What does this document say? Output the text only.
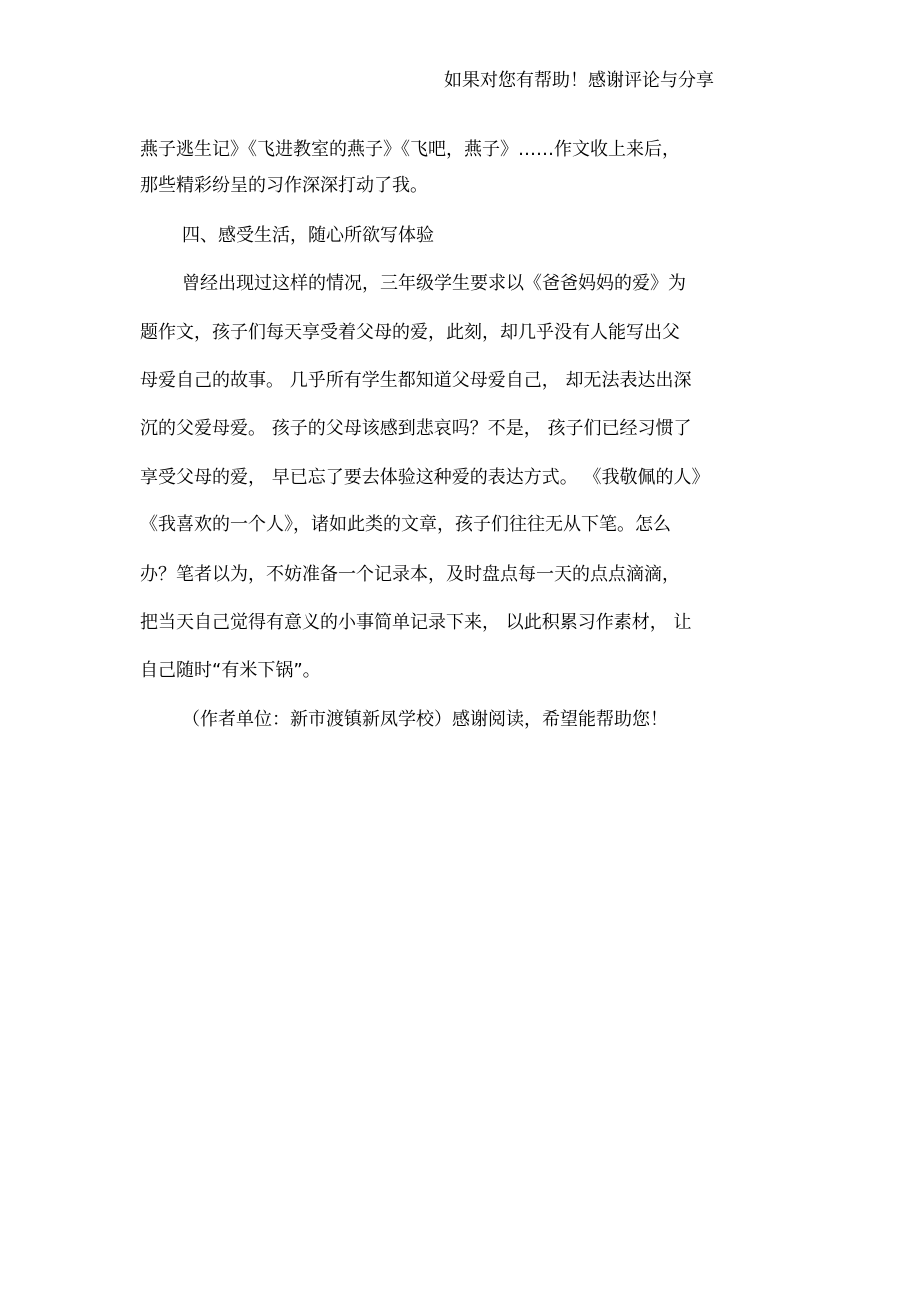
如果对您有帮助！感谢评论与分享
燕子逃生记》《飞进教室的燕子》《飞吧，燕子》……作文收上来后，
那些精彩纷呈的习作深深打动了我。
四、感受生活，随心所欲写体验
曾经出现过这样的情况，三年级学生要求以《爸爸妈妈的爱》为
题作文，孩子们每天享受着父母的爱，此刻，却几乎没有人能写出父
母爱自己的故事。 几乎所有学生都知道父母爱自己， 却无法表达出深
沉的父爱母爱。 孩子的父母该感到悲哀吗？不是， 孩子们已经习惯了
享受父母的爱， 早已忘了要去体验这种爱的表达方式。 《我敬佩的人》
《我喜欢的一个人》，诸如此类的文章，孩子们往往无从下笔。怎么
办？笔者以为，不妨准备一个记录本，及时盘点每一天的点点滴滴，
把当天自己觉得有意义的小事简单记录下来， 以此积累习作素材， 让
自己随时“有米下锅”。
（作者单位：新市渡镇新凤学校）感谢阅读，希望能帮助您！
